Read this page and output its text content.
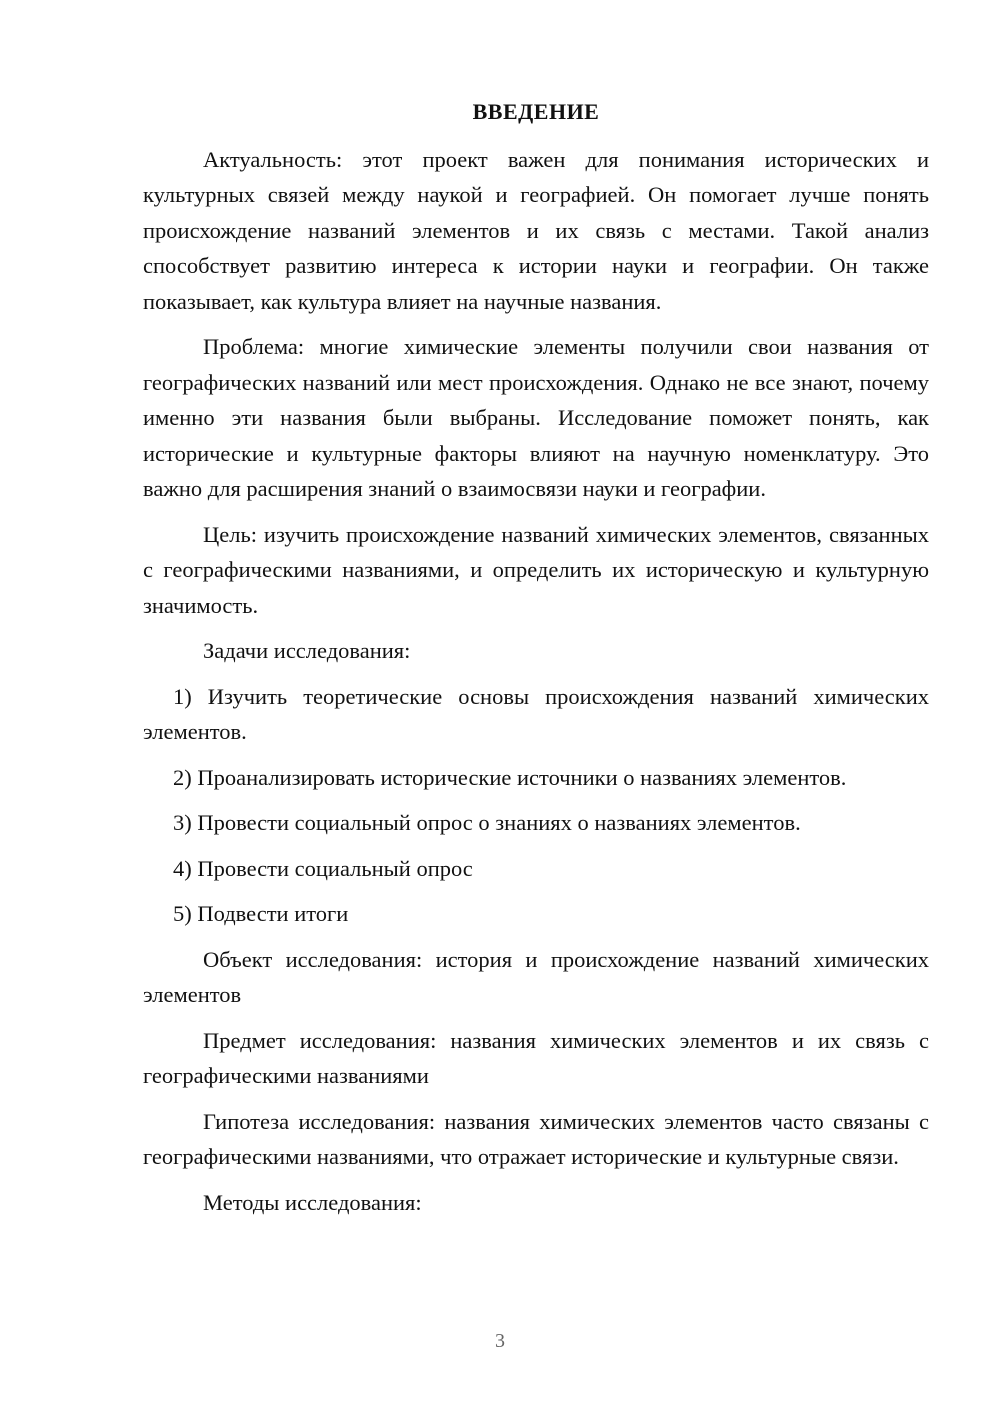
ВВЕДЕНИЕ

Актуальность: этот проект важен для понимания исторических и культурных связей между наукой и географией. Он помогает лучше понять происхождение названий элементов и их связь с местами. Такой анализ способствует развитию интереса к истории науки и географии. Он также показывает, как культура влияет на научные названия.

Проблема: многие химические элементы получили свои названия от географических названий или мест происхождения. Однако не все знают, почему именно эти названия были выбраны. Исследование поможет понять, как исторические и культурные факторы влияют на научную номенклатуру. Это важно для расширения знаний о взаимосвязи науки и географии.

Цель: изучить происхождение названий химических элементов, связанных с географическими названиями, и определить их историческую и культурную значимость.

Задачи исследования:

1) Изучить теоретические основы происхождения названий химических элементов.

2) Проанализировать исторические источники о названиях элементов.

3) Провести социальный опрос о знаниях о названиях элементов.

4) Провести социальный опрос

5) Подвести итоги

Объект исследования: история и происхождение названий химических элементов

Предмет исследования: названия химических элементов и их связь с географическими названиями

Гипотеза исследования: названия химических элементов часто связаны с географическими названиями, что отражает исторические и культурные связи.

Методы исследования:

3
